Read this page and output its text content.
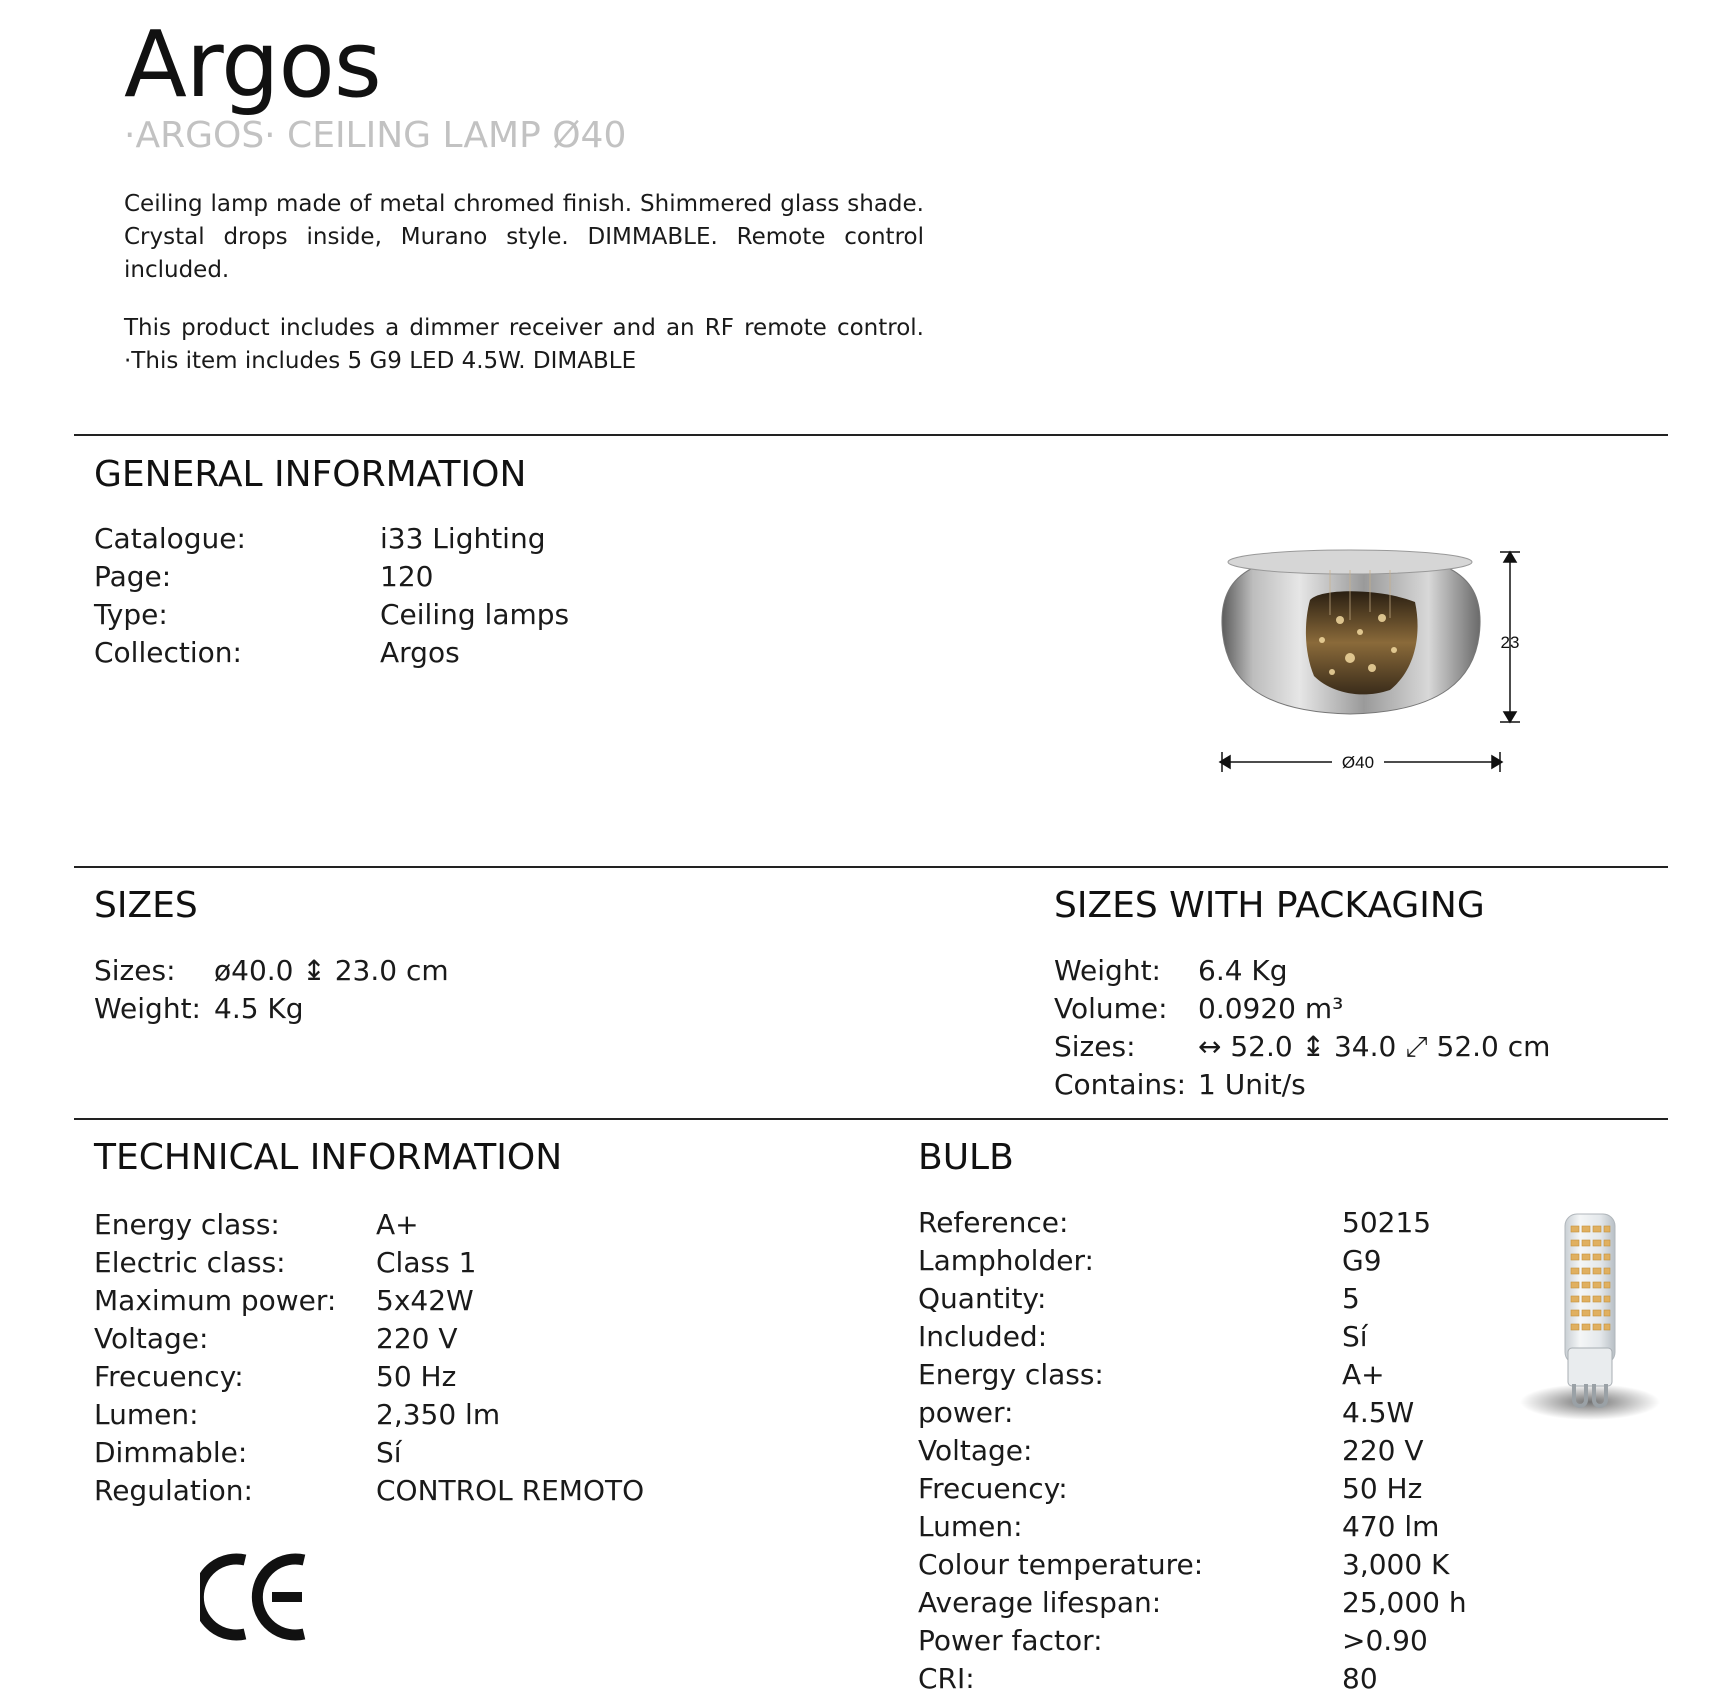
Argos
·ARGOS· CEILING LAMP Ø40
Ceiling lamp made of metal chromed finish. Shimmered glass shade. Crystal drops inside, Murano style. DIMMABLE. Remote control included.
This product includes a dimmer receiver and an RF remote control.
·This item includes 5 G9 LED 4.5W. DIMABLE
GENERAL INFORMATION
Catalogue:	i33 Lighting
Page:	120
Type:	Ceiling lamps
Collection:	Argos	23
Ø40
SIZES
Sizes: ø40.0 ↨ 23.0 cm
Weight: 4.5 Kg
SIZES WITH PACKAGING
Weight: 6.4 Kg
Volume: 0.0920 m³
Sizes: ↔ 52.0 ↨ 34.0 ⤢ 52.0 cm
Contains: 1 Unit/s
TECHNICAL INFORMATION
Energy class:	A+
Electric class:	Class 1
Maximum power: 5x42W
Voltage:	220 V
Frecuency:	50 Hz
Lumen:	2,350 lm
Dimmable:	Sí
Regulation:	CONTROL REMOTO
BULB
Reference:	50215
Lampholder:	G9
Quantity:	5
Included:	Sí
Energy class:	A+
power:	4.5W
Voltage:	220 V
Frecuency:	50 Hz
Lumen:	470 lm
Colour temperature:	3,000 K
Average lifespan:	25,000 h
Power factor:	>0.90
CRI:	80
